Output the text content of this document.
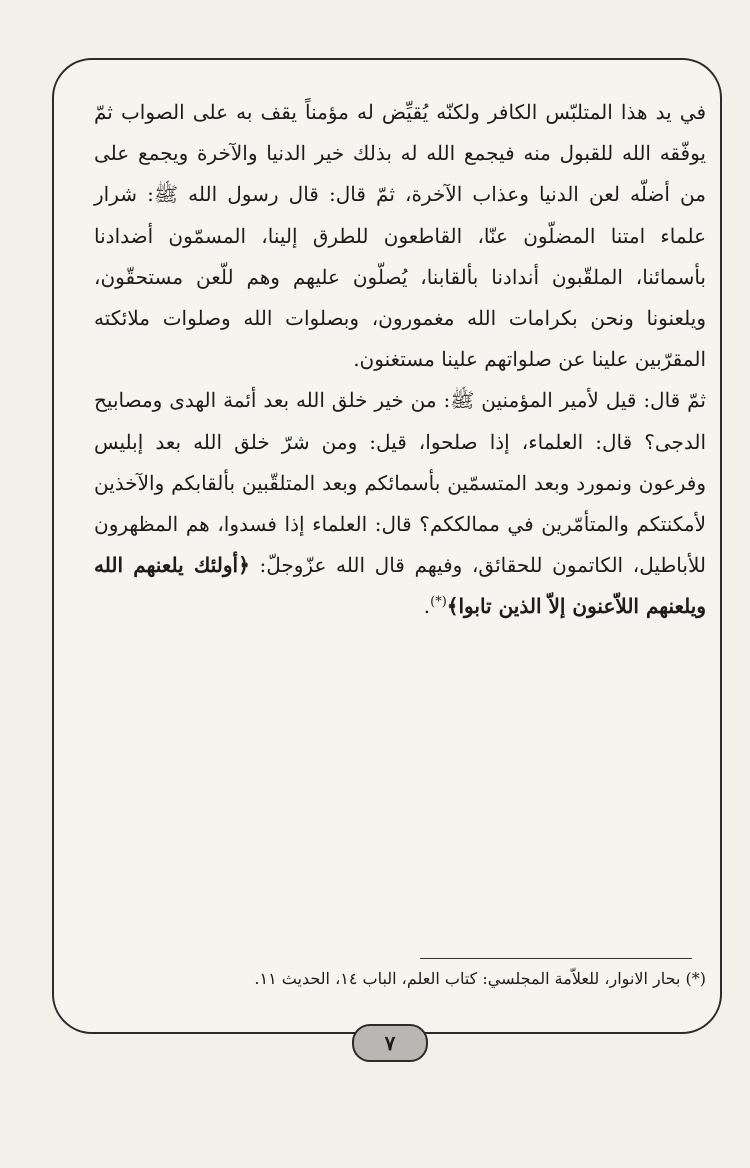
في يد هذا المتلبّس الكافر ولكنّه يُقيِّض له مؤمناً يقف به على الصواب ثمّ يوفّقه الله للقبول منه فيجمع الله له بذلك خير الدنيا والآخرة ويجمع على من أضلّه لعن الدنيا وعذاب الآخرة، ثمّ قال: قال رسول الله ﷺ: شرار علماء امتنا المضلّون عنّا، القاطعون للطرق إلينا، المسمّون أضدادنا بأسمائنا، الملقّبون أندادنا بألقابنا، يُصلّون عليهم وهم للّعن مستحقّون، ويلعنونا ونحن بكرامات الله مغمورون، وبصلوات الله وصلوات ملائكته المقرّبين علينا عن صلواتهم علينا مستغنون.

ثمّ قال: قيل لأمير المؤمنين ﷺ: من خير خلق الله بعد أئمة الهدى ومصابيح الدجى؟ قال: العلماء، إذا صلحوا، قيل: ومن شرّ خلق الله بعد إبليس وفرعون ونمورد وبعد المتسمّين بأسمائكم وبعد المتلقّبين بألقابكم والآخذين لأمكنتكم والمتأمّرين في ممالككم؟ قال: العلماء إذا فسدوا، هم المظهرون للأباطيل، الكاتمون للحقائق، وفيهم قال الله عزّوجلّ: ﴿أولئك يلعنهم الله ويلعنهم اللاّعنون إلاّ الذين تابوا﴾(*).

(*) بحار الانوار، للعلاّمة المجلسي: كتاب العلم، الباب ١٤، الحديث ١١.
٧
